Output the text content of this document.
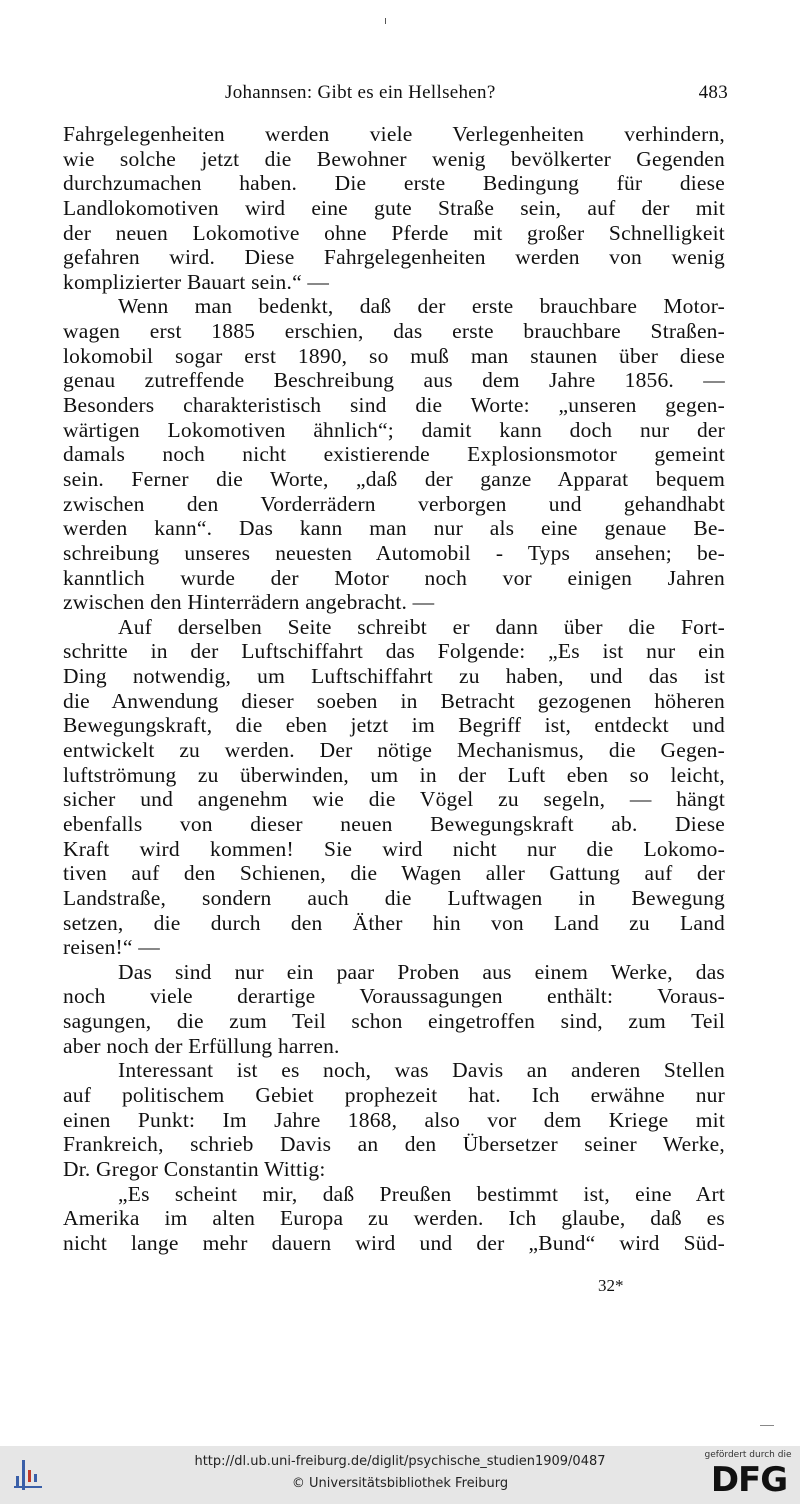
Johannsen: Gibt es ein Hellsehen?	483
Fahrgelegenheiten werden viele Verlegenheiten verhindern,
wie solche jetzt die Bewohner wenig bevölkerter Gegenden
durchzumachen haben. Die erste Bedingung für diese
Landlokomotiven wird eine gute Straße sein, auf der mit
der neuen Lokomotive ohne Pferde mit großer Schnelligkeit
gefahren wird. Diese Fahrgelegenheiten werden von wenig
komplizierter Bauart sein.“ —
Wenn man bedenkt, daß der erste brauchbare Motor-
wagen erst 1885 erschien, das erste brauchbare Straßen-
lokomobil sogar erst 1890, so muß man staunen über diese
genau zutreffende Beschreibung aus dem Jahre 1856. —
Besonders charakteristisch sind die Worte: „unseren gegen-
wärtigen Lokomotiven ähnlich“; damit kann doch nur der
damals noch nicht existierende Explosionsmotor gemeint
sein. Ferner die Worte, „daß der ganze Apparat bequem
zwischen den Vorderrädern verborgen und gehandhabt
werden kann“. Das kann man nur als eine genaue Be-
schreibung unseres neuesten Automobil - Typs ansehen; be-
kanntlich wurde der Motor noch vor einigen Jahren
zwischen den Hinterrädern angebracht. —
Auf derselben Seite schreibt er dann über die Fort-
schritte in der Luftschiffahrt das Folgende: „Es ist nur ein
Ding notwendig, um Luftschiffahrt zu haben, und das ist
die Anwendung dieser soeben in Betracht gezogenen höheren
Bewegungskraft, die eben jetzt im Begriff ist, entdeckt und
entwickelt zu werden. Der nötige Mechanismus, die Gegen-
luftströmung zu überwinden, um in der Luft eben so leicht,
sicher und angenehm wie die Vögel zu segeln, — hängt
ebenfalls von dieser neuen Bewegungskraft ab. Diese
Kraft wird kommen! Sie wird nicht nur die Lokomo-
tiven auf den Schienen, die Wagen aller Gattung auf der
Landstraße, sondern auch die Luftwagen in Bewegung
setzen, die durch den Äther hin von Land zu Land
reisen!“ —
Das sind nur ein paar Proben aus einem Werke, das
noch viele derartige Voraussagungen enthält: Voraus-
sagungen, die zum Teil schon eingetroffen sind, zum Teil
aber noch der Erfüllung harren.
Interessant ist es noch, was Davis an anderen Stellen
auf politischem Gebiet prophezeit hat. Ich erwähne nur
einen Punkt: Im Jahre 1868, also vor dem Kriege mit
Frankreich, schrieb Davis an den Übersetzer seiner Werke,
Dr. Gregor Constantin Wittig:
„Es scheint mir, daß Preußen bestimmt ist, eine Art
Amerika im alten Europa zu werden. Ich glaube, daß es
nicht lange mehr dauern wird und der „Bund“ wird Süd-
32*
http://dl.ub.uni-freiburg.de/diglit/psychische_studien1909/0487
© Universitätsbibliothek Freiburg
gefördert durch die
DFG
